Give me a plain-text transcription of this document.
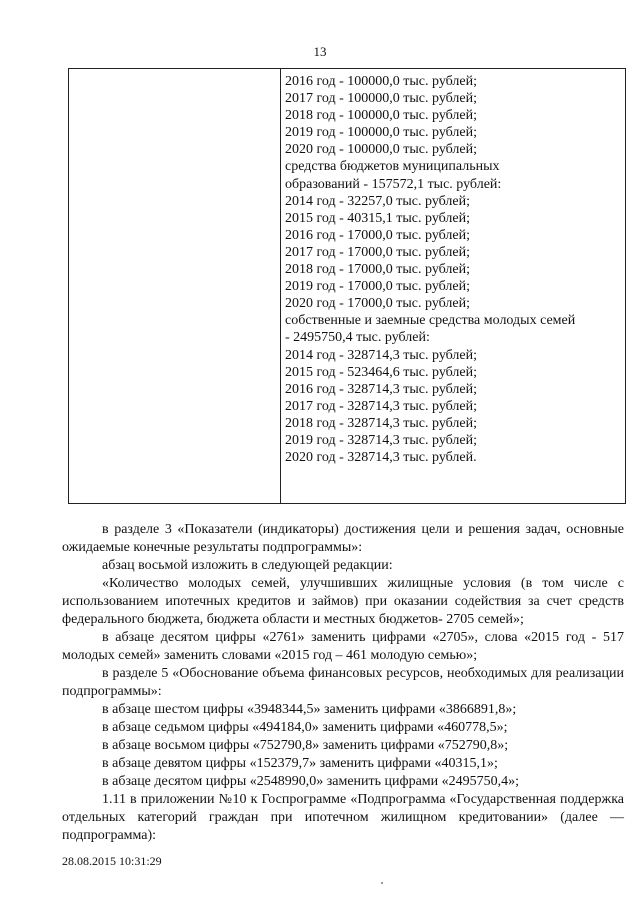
13
2016 год - 100000,0 тыс. рублей;
2017 год - 100000,0 тыс. рублей;
2018 год - 100000,0 тыс. рублей;
2019 год - 100000,0 тыс. рублей;
2020 год - 100000,0 тыс. рублей;
средства бюджетов муниципальных
образований - 157572,1 тыс. рублей:
2014 год - 32257,0 тыс. рублей;
2015 год - 40315,1 тыс. рублей;
2016 год - 17000,0 тыс. рублей;
2017 год - 17000,0 тыс. рублей;
2018 год - 17000,0 тыс. рублей;
2019 год - 17000,0 тыс. рублей;
2020 год - 17000,0 тыс. рублей;
собственные и заемные средства молодых семей
- 2495750,4 тыс. рублей:
2014 год - 328714,3 тыс. рублей;
2015 год - 523464,6 тыс. рублей;
2016 год - 328714,3 тыс. рублей;
2017 год - 328714,3 тыс. рублей;
2018 год - 328714,3 тыс. рублей;
2019 год - 328714,3 тыс. рублей;
2020 год - 328714,3 тыс. рублей.

в разделе 3 «Показатели (индикаторы) достижения цели и решения задач, основные ожидаемые конечные результаты подпрограммы»:

абзац восьмой изложить в следующей редакции:

«Количество молодых семей, улучшивших жилищные условия (в том числе с использованием ипотечных кредитов и займов) при оказании содействия за счет средств федерального бюджета, бюджета области и местных бюджетов- 2705 семей»;

в абзаце десятом цифры «2761» заменить цифрами «2705», слова «2015 год - 517 молодых семей» заменить словами «2015 год – 461 молодую семью»;

в разделе 5 «Обоснование объема финансовых ресурсов, необходимых для реализации подпрограммы»:

в абзаце шестом цифры «3948344,5» заменить цифрами «3866891,8»;

в абзаце седьмом цифры «494184,0» заменить цифрами «460778,5»;

в абзаце восьмом цифры «752790,8» заменить цифрами «752790,8»;

в абзаце девятом цифры «152379,7» заменить цифрами «40315,1»;

в абзаце десятом цифры «2548990,0» заменить цифрами «2495750,4»;

1.11 в приложении №10 к Госпрограмме «Подпрограмма «Государственная поддержка отдельных категорий граждан при ипотечном жилищном кредитовании» (далее — подпрограмма):

28.08.2015 10:31:29
